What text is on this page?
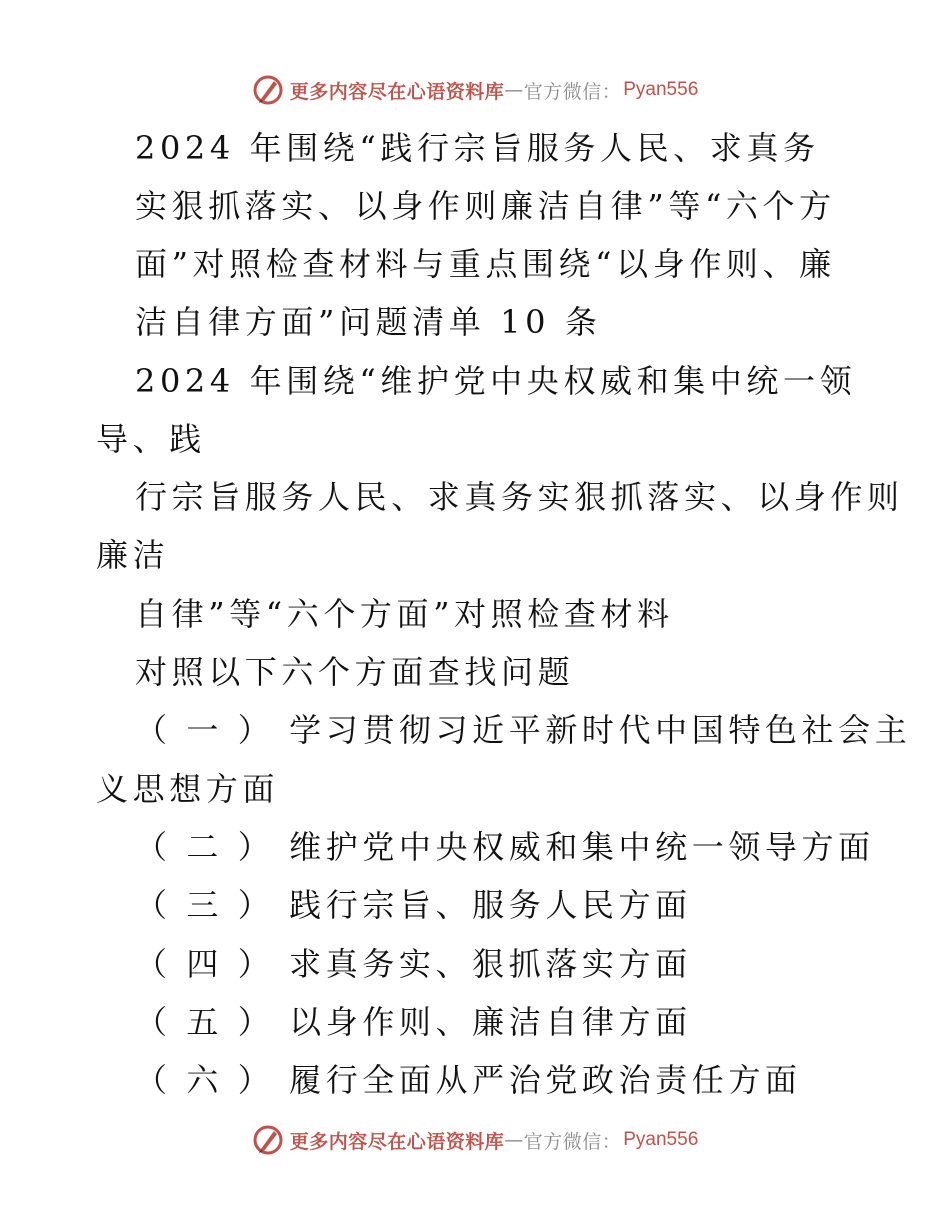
更多内容尽在心语资料库 — 官方微信： Pyan556
2024 年围绕“践行宗旨服务人民、求真务
实狠抓落实、以身作则廉洁自律”等“六个方
面”对照检查材料与重点围绕“以身作则、廉
洁自律方面”问题清单 10 条
2024 年围绕“维护党中央权威和集中统一领
导、践
行宗旨服务人民、求真务实狠抓落实、以身作则
廉洁
自律”等“六个方面”对照检查材料
对照以下六个方面查找问题
（ 一 ） 学习贯彻习近平新时代中国特色社会主
义思想方面
（ 二 ） 维护党中央权威和集中统一领导方面
（ 三 ） 践行宗旨、服务人民方面
（ 四 ） 求真务实、狠抓落实方面
（ 五 ） 以身作则、廉洁自律方面
（ 六 ） 履行全面从严治党政治责任方面
更多内容尽在心语资料库 — 官方微信： Pyan556
